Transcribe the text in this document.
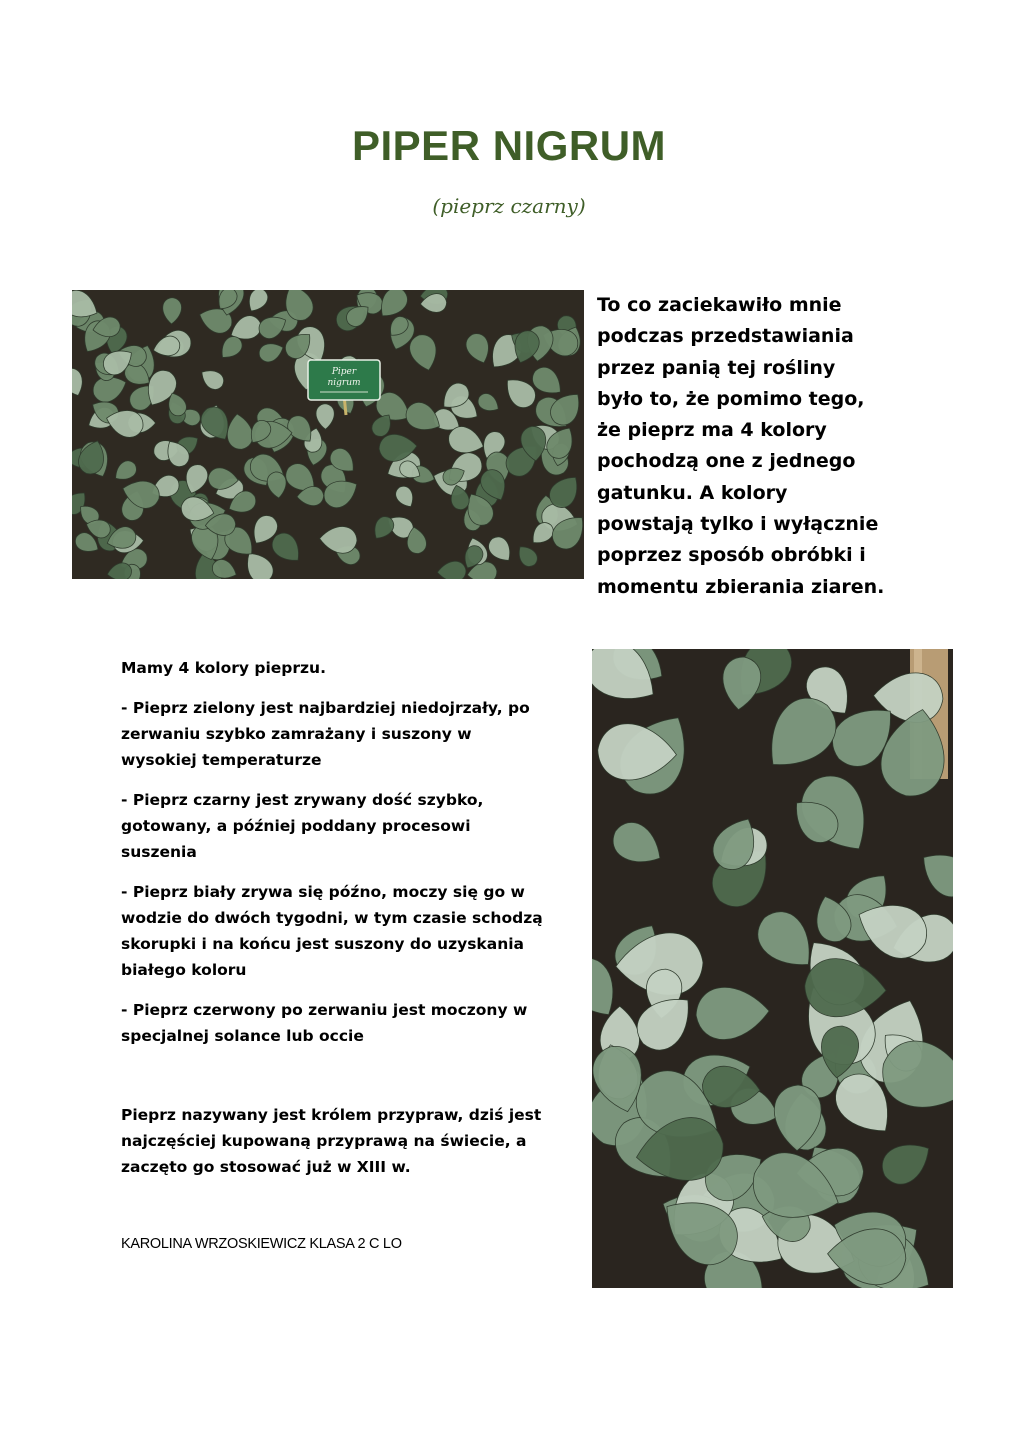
PIPER NIGRUM
(pieprz czarny)
Piper
nigrum

To co zaciekawiło mnie
podczas przedstawiania
przez panią tej rośliny
było to, że pomimo tego,
że pieprz ma 4 kolory
pochodzą one z jednego
gatunku. A kolory
powstają tylko i wyłącznie
poprzez sposób obróbki i
momentu zbierania ziaren.

Mamy 4 kolory pieprzu.

- Pieprz zielony jest najbardziej niedojrzały, po
zerwaniu szybko zamrażany i suszony w
wysokiej temperaturze

- Pieprz czarny jest zrywany dość szybko,
gotowany, a później poddany procesowi
suszenia

- Pieprz biały zrywa się późno, moczy się go w
wodzie do dwóch tygodni, w tym czasie schodzą
skorupki i na końcu jest suszony do uzyskania
białego koloru

- Pieprz czerwony po zerwaniu jest moczony w
specjalnej solance lub occie

Pieprz nazywany jest królem przypraw, dziś jest
najczęściej kupowaną przyprawą na świecie, a
zaczęto go stosować już w XIII w.
KAROLINA WRZOSKIEWICZ KLASA 2 C LO
